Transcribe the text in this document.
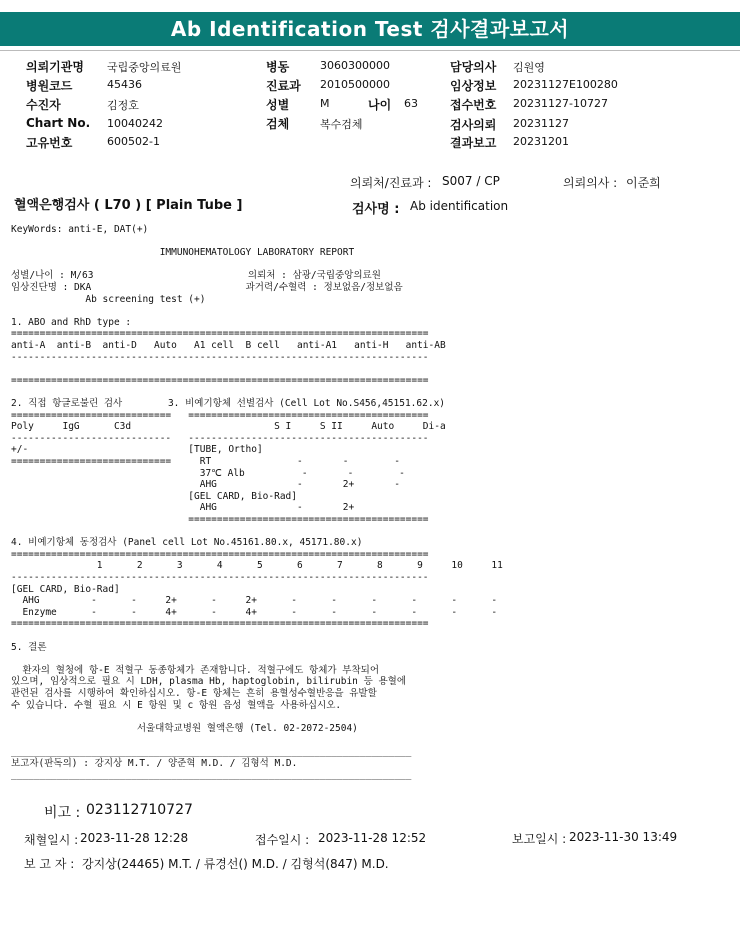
Ab Identification Test 검사결과보고서
의뢰기관명 국립중앙의료원
병원코드	45436
수진자	김정호
Chart No. 10040242
고유번호	600502-1
병동	3060300000
진료과 2010500000
성별	M	나이 63
검체	복수검체
담당의사 김원영
임상정보 20231127E100280
접수번호 20231127-10727
검사의뢰 20231127
결과보고 20231201
의뢰처/진료과 : S007 / CP	의뢰의사 : 이준희
혈액은행검사 ( L70 ) [ Plain Tube ]	검사명 : Ab identification
KeyWords: anti-E, DAT(+)
IMMUNOHEMATOLOGY LABORATORY REPORT
성별/나이 : M/63                           의뢰처 : 삼광/국립중앙의료원
임상진단명 : DKA                           과거력/수혈력 : 정보없음/정보없음
Ab screening test (+)
1. ABO and RhD type :
=========================================================================
anti-A  anti-B  anti-D   Auto   A1 cell  B cell   anti-A1   anti-H   anti-AB
-------------------------------------------------------------------------
=========================================================================
2. 직접 항글로불린 검사        3. 비예기항체 선별검사 (Cell Lot No.S456,45151.62.x)
============================   ==========================================
Poly     IgG      C3d                         S I     S II     Auto     Di-a
----------------------------   ------------------------------------------
+/-                            [TUBE, Ortho]
============================     RT               -       -        -
37℃ Alb          -       -        -
AHG              -       2+       -
[GEL CARD, Bio-Rad]
AHG              -       2+
==========================================
4. 비예기항체 동정검사 (Panel cell Lot No.45161.80.x, 45171.80.x)
=========================================================================
1      2      3      4      5      6      7      8      9     10     11
-------------------------------------------------------------------------
[GEL CARD, Bio-Rad]
AHG         -      -     2+      -     2+      -      -      -      -      -      -
Enzyme      -      -     4+      -     4+      -      -      -      -      -      -
=========================================================================
5. 결론
환자의 혈청에 항-E 적혈구 동종항체가 존재합니다. 적혈구에도 항체가 부착되어
있으며, 임상적으로 필요 시 LDH, plasma Hb, haptoglobin, bilirubin 등 용혈에
관련된 검사를 시행하여 확인하십시오. 항-E 항체는 흔히 용혈성수혈반응을 유발할
수 있습니다. 수혈 필요 시 E 항원 및 c 항원 음성 혈액을 사용하십시오.
서울대학교병원 혈액은행 (Tel. 02-2072-2504)
______________________________________________________________________
보고자(판독의) : 강지상 M.T. / 양준혁 M.D. / 김형석 M.D.
______________________________________________________________________
비고 : 023112710727
채혈일시 : 2023-11-28 12:28	접수일시 : 2023-11-28 12:52	보고일시 : 2023-11-30 13:49
보 고 자 : 강지상(24465) M.T. / 류경선() M.D. / 김형석(847) M.D.
